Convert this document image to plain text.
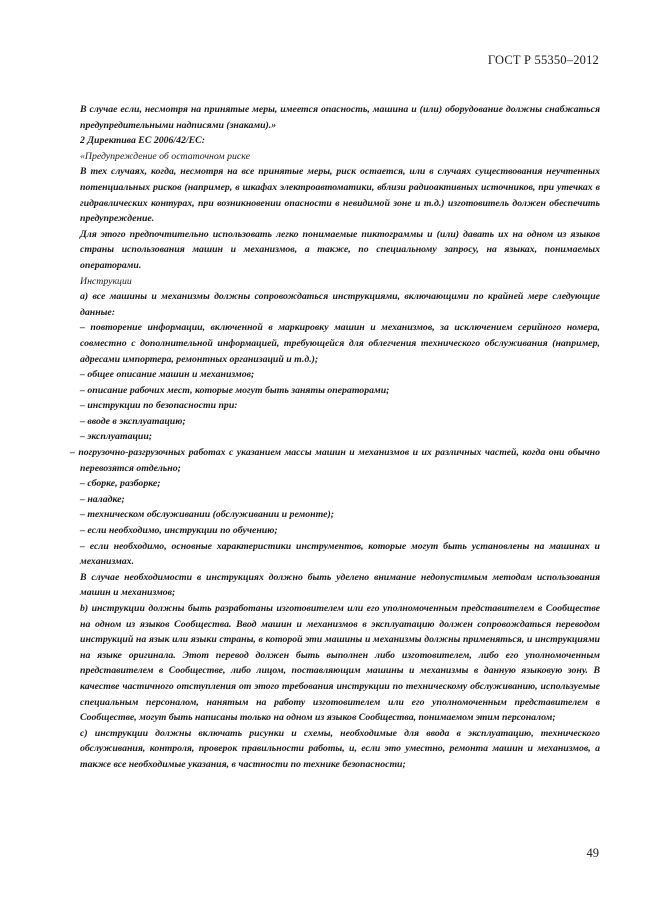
ГОСТ Р 55350–2012

В случае если, несмотря на принятые меры, имеется опасность, машина и (или) оборудование должны снабжаться предупредительными надписями (знаками).»

2 Директива ЕС 2006/42/ЕС:

«Предупреждение об остаточном риске

В тех случаях, когда, несмотря на все принятые меры, риск остается, или в случаях существования неучтенных потенциальных рисков (например, в шкафах электроавтоматики, вблизи радиоактивных источников, при утечках в гидравлических контурах, при возникновении опасности в невидимой зоне и т.д.) изготовитель должен обеспечить предупреждение.

Для этого предпочтительно использовать легко понимаемые пиктограммы и (или) давать их на одном из языков страны использования машин и механизмов, а также, по специальному запросу, на языках, понимаемых операторами.

Инструкции

a) все машины и механизмы должны сопровождаться инструкциями, включающими по крайней мере следующие данные:

– повторение информации, включенной в маркировку машин и механизмов, за исключением серийного номера, совместно с дополнительной информацией, требующейся для облегчения технического обслуживания (например, адресами импортера, ремонтных организаций и т.д.);

– общее описание машин и механизмов;

– описание рабочих мест, которые могут быть заняты операторами;

– инструкции по безопасности при:

– вводе в эксплуатацию;

– эксплуатации;

– погрузочно-разгрузочных работах с указанием массы машин и механизмов и их различных частей, когда они обычно перевозятся отдельно;

– сборке, разборке;

– наладке;

– техническом обслуживании (обслуживании и ремонте);

– если необходимо, инструкции по обучению;

– если необходимо, основные характеристики инструментов, которые могут быть установлены на машинах и механизмах.

В случае необходимости в инструкциях должно быть уделено внимание недопустимым методам использования машин и механизмов;

b) инструкции должны быть разработаны изготовителем или его уполномоченным представителем в Сообществе на одном из языков Сообщества. Ввод машин и механизмов в эксплуатацию должен сопровождаться переводом инструкций на язык или языки страны, в которой эти машины и механизмы должны применяться, и инструкциями на языке оригинала. Этот перевод должен быть выполнен либо изготовителем, либо его уполномоченным представителем в Сообществе, либо лицом, поставляющим машины и механизмы в данную языковую зону. В качестве частичного отступления от этого требования инструкции по техническому обслуживанию, используемые специальным персоналом, нанятым на работу изготовителем или его уполномоченным представителем в Сообществе, могут быть написаны только на одном из языков Сообщества, понимаемом этим персоналом;

c) инструкции должны включать рисунки и схемы, необходимые для ввода в эксплуатацию, технического обслуживания, контроля, проверок правильности работы, и, если это уместно, ремонта машин и механизмов, а также все необходимые указания, в частности по технике безопасности;

49
